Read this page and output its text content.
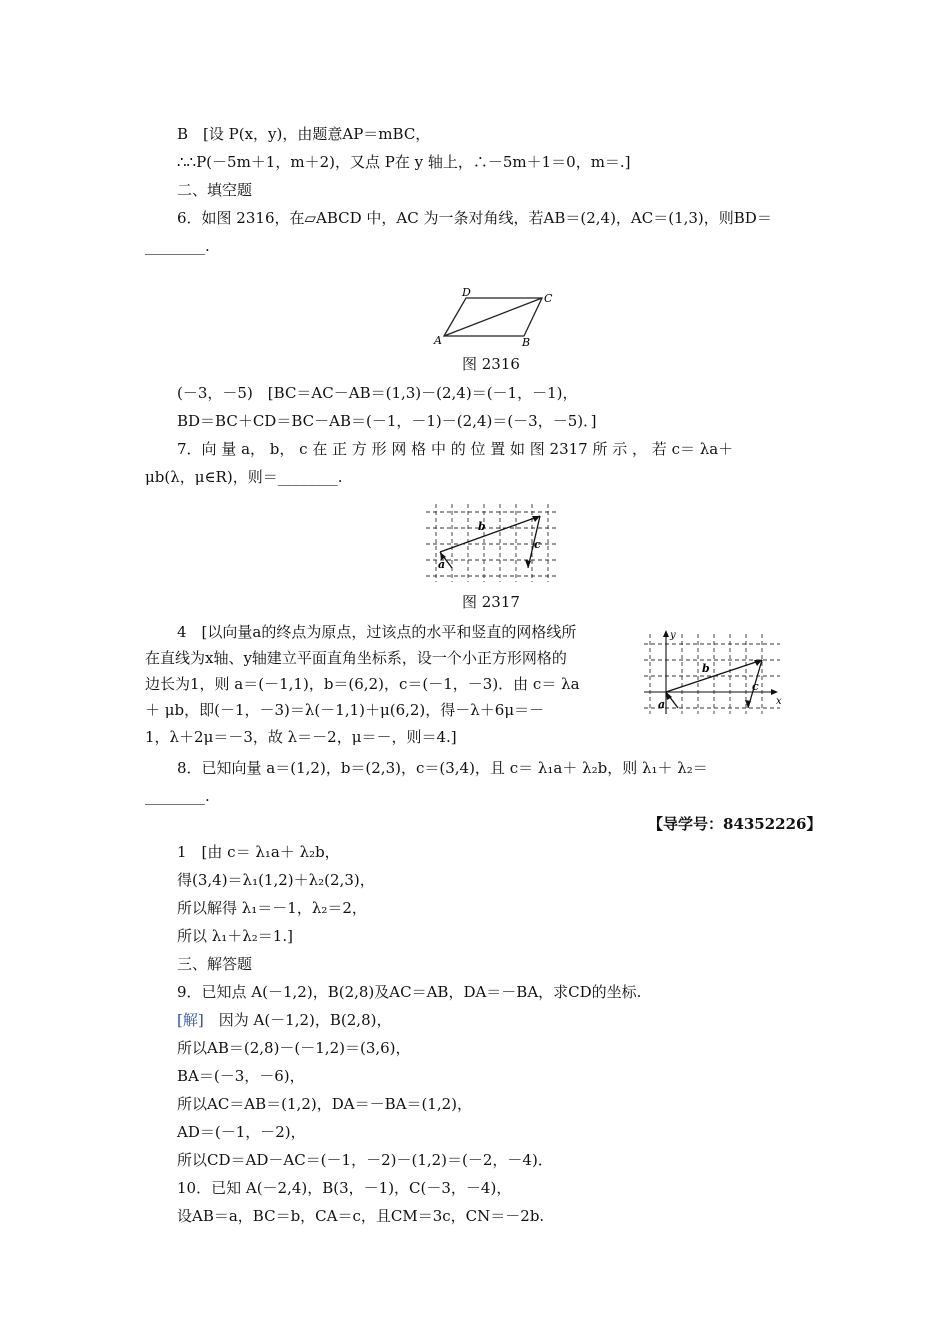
B　[设 P(x，y)，由题意AP＝mBC，
∴∴P(－5m＋1，m＋2)，又点 P在 y 轴上，∴－5m＋1＝0，m＝.]
二、填空题
6．如图 2316，在▱ABCD 中，AC 为一条对角线，若AB＝(2,4)，AC＝(1,3)，则BD＝
________.
A	B
C
D
图 2316
(－3，－5)　[BC＝AC－AB＝(1,3)－(2,4)＝(－1，－1)，
BD＝BC＋CD＝BC－AB＝(－1，－1)－(2,4)＝(－3，－5)．]
7．向 量 a， b， c 在 正 方 形 网 格 中 的 位 置 如 图 2317 所 示 ， 若 c＝ λa＋
μb(λ，μ∈R)，则＝________.
b
c
a
图 2317
4　[以向量a的终点为原点，过该点的水平和竖直的网格线所
在直线为x轴、y轴建立平面直角坐标系，设一个小正方形网格的
边长为1，则 a＝(－1,1)，b＝(6,2)，c＝(－1，－3)．由 c＝ λa
＋ μb，即(－1，－3)＝λ(－1,1)＋μ(6,2)，得－λ＋6μ＝－
1，λ＋2μ＝－3，故 λ＝－2，μ＝－，则＝4.]
b
c
a	x
y
8．已知向量 a＝(1,2)，b＝(2,3)，c＝(3,4)，且 c＝ λ₁a＋ λ₂b，则 λ₁＋ λ₂＝
________.
【导学号：84352226】
1　[由 c＝ λ₁a＋ λ₂b，
得(3,4)＝λ₁(1,2)＋λ₂(2,3)，
所以解得 λ₁＝－1，λ₂＝2，
所以 λ₁＋λ₂＝1.]
三、解答题
9．已知点 A(－1,2)，B(2,8)及AC＝AB，DA＝－BA，求CD的坐标.
[解]　因为 A(－1,2)，B(2,8)，
所以AB＝(2,8)－(－1,2)＝(3,6)，
BA＝(－3，－6)，
所以AC＝AB＝(1,2)，DA＝－BA＝(1,2)，
AD＝(－1，－2)，
所以CD＝AD－AC＝(－1，－2)－(1,2)＝(－2，－4)．
10．已知 A(－2,4)，B(3，－1)，C(－3，－4)，
设AB＝a，BC＝b，CA＝c，且CM＝3c，CN＝－2b.
